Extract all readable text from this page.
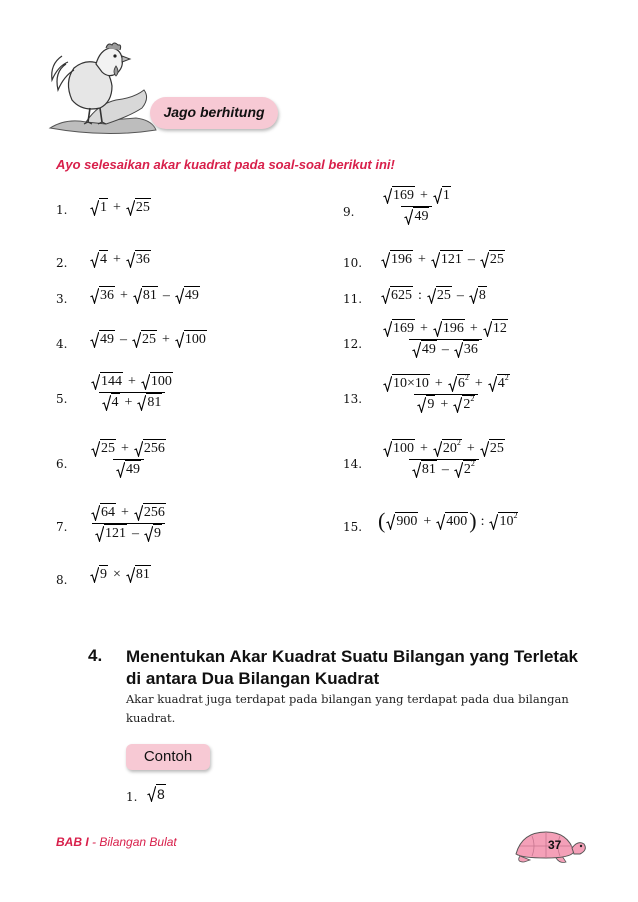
Jago berhitung
Ayo selesaikan akar kuadrat pada soal-soal berikut ini!
1.	1 + 25
2.	4 + 36
3.	36 + 81 – 49
4.	49 – 25 + 100
5. $\frac{144 + 100}{4 + 81}$
6. $\frac{25 + 256}{49}$
7. $\frac{64 + 256}{121 - 9}$
8.	9 × 81
9. $\frac{169 + 1}{49}$
10.	196 + 121 – 25
11.	625 : 25 – 8
12. $\frac{169 + 196 + 12}{49 - 36}$
13. $\frac{10\times 10 + 6^2 + 4^2}{9 + 2^2}$
14. $\frac{100 + 20^2 + 25}{81 - 2^2}$
15. ( 900 + 400) : $10^2$
4. Menentukan Akar Kuadrat Suatu Bilangan yang Terletak di antara Dua Bilangan Kuadrat
Akar kuadrat juga terdapat pada bilangan yang terdapat pada dua bilangan kuadrat.
Contoh
1.	8
BAB I - Bilangan Bulat	37
